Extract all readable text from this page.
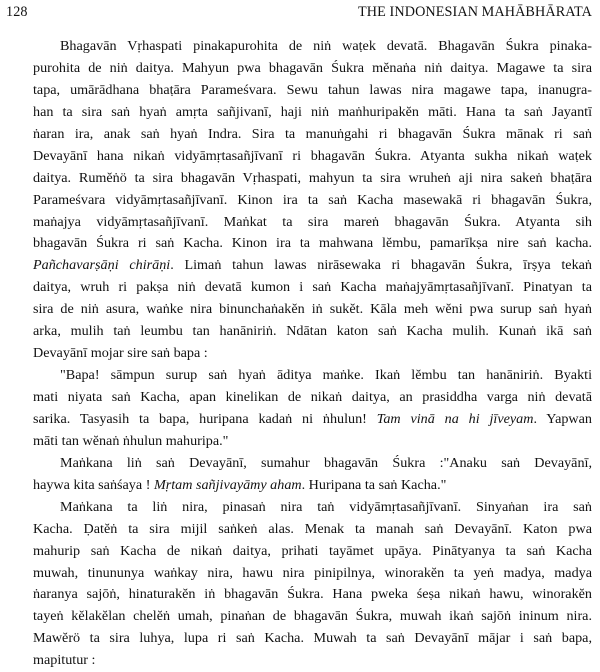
128	THE INDONESIAN MAHĀBHĀRATA
Bhagavān Vṛhaspati pinakapurohita de niṅ waṭek devatā. Bhagavān Śukra pinaka-
purohita de niṅ daitya. Mahyun pwa bhagavān Śukra mĕnaṅa niṅ daitya. Magawe ta sira
tapa, umārādhana bhaṭāra Parameśvara. Sewu tahun lawas nira magawe tapa, inanugra-
han ta sira saṅ hyaṅ amṛta sañjivanī, haji niṅ maṅhuripakĕn māti. Hana ta saṅ Jayantī
ṅaran ira, anak saṅ hyaṅ Indra. Sira ta manuṅgahi ri bhagavān Śukra mānak ri saṅ
Devayānī hana nikaṅ vidyāmṛtasañjīvanī ri bhagavān Śukra. Atyanta sukha nikaṅ waṭek
daitya. Rumĕṅö ta sira bhagavān Vṛhaspati, mahyun ta sira wruheṅ aji nira sakeṅ bhaṭāra
Parameśvara vidyāmṛtasañjīvanī. Kinon ira ta saṅ Kacha masewakā ri bhagavān Śukra,
maṅajya vidyāmṛtasañjīvanī. Maṅkat ta sira mareṅ bhagavān Śukra. Atyanta sih
bhagavān Śukra ri saṅ Kacha. Kinon ira ta mahwana lĕmbu, pamarīkṣa nire saṅ kacha.
Pañchavarṣāṇi chirāṇi. Limaṅ tahun lawas nirāsewaka ri bhagavān Śukra, īrṣya tekaṅ
daitya, wruh ri pakṣa niṅ devatā kumon i saṅ Kacha maṅajyāmṛtasañjīvanī. Pinatyan ta
sira de niṅ asura, waṅke nira binunchaṅakĕn iṅ sukĕt. Kāla meh wĕni pwa surup saṅ hyaṅ
arka, mulih taṅ leumbu tan hanāniriṅ. Ndātan katon saṅ Kacha mulih. Kunaṅ ikā saṅ
Devayānī mojar sire saṅ bapa :
"Bapa! sāmpun surup saṅ hyaṅ āditya maṅke. Ikaṅ lĕmbu tan hanāniriṅ. Byakti
mati niyata saṅ Kacha, apan kinelikan de nikaṅ daitya, an prasiddha varga niṅ devatā
sarika. Tasyasih ta bapa, huripana kadaṅ ni ṅhulun! Tam vinā na hi jīveyam. Yapwan
māti tan wĕnaṅ ṅhulun mahuripa."
Maṅkana liṅ saṅ Devayānī, sumahur bhagavān Śukra :"Anaku saṅ Devayānī,
haywa kita saṅśaya ! Mṛtam sañjivayāmy aham. Huripana ta saṅ Kacha."
Maṅkana ta liṅ nira, pinasaṅ nira taṅ vidyāmṛtasañjīvanī. Sinyaṅan ira saṅ
Kacha. Ḍatĕṅ ta sira mijil saṅkeṅ alas. Menak ta manah saṅ Devayānī. Katon pwa
mahurip saṅ Kacha de nikaṅ daitya, prihati tayāmet upāya. Pinātyanya ta saṅ Kacha
muwah, tinununya waṅkay nira, hawu nira pinipilnya, winorakĕn ta yeṅ madya, madya
ṅaranya sajōṅ, hinaturakĕn iṅ bhagavān Śukra. Hana pweka śeṣa nikaṅ hawu, winorakĕn
tayeṅ kĕlakĕlan chelĕṅ umah, pinaṅan de bhagavān Śukra, muwah ikaṅ sajōṅ ininum nira.
Mawĕrö ta sira luhya, lupa ri saṅ Kacha. Muwah ta saṅ Devayānī mājar i saṅ bapa,
mapitutur :
